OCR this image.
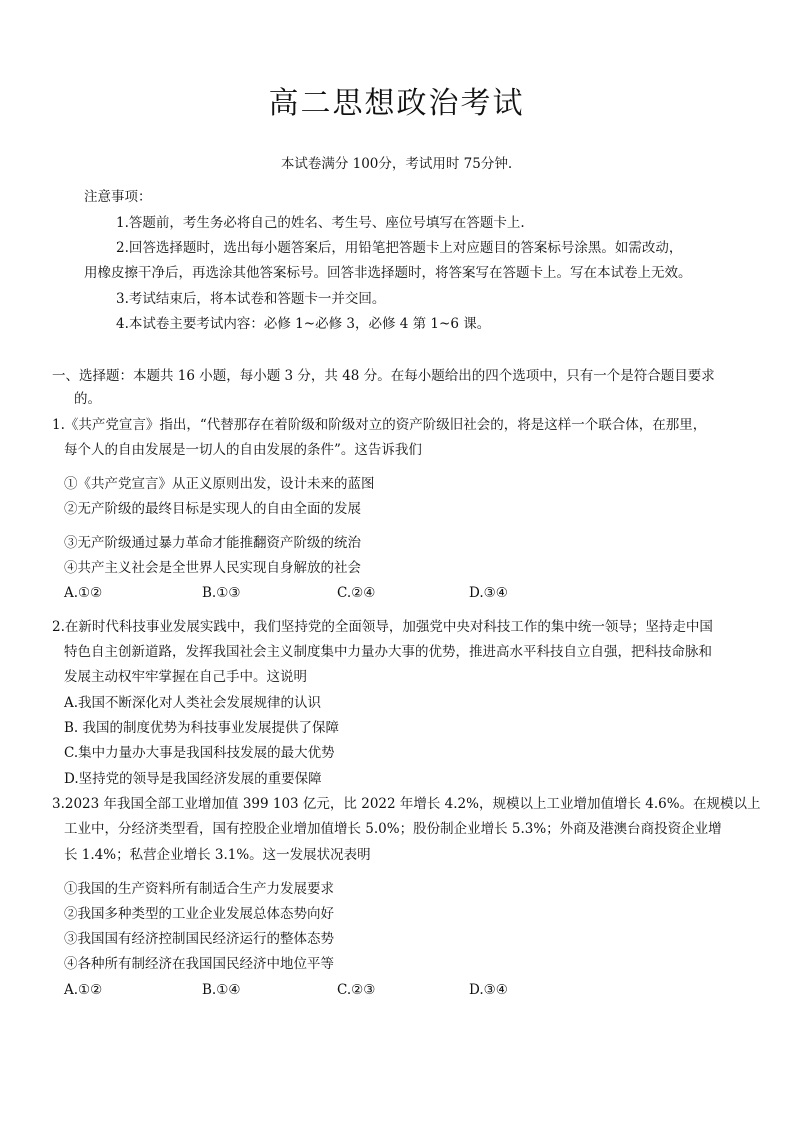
高二思想政治考试
本试卷满分 100分，考试用时 75分钟.
注意事项：
1.答题前，考生务必将自己的姓名、考生号、座位号填写在答题卡上.
2.回答选择题时，选出每小题答案后，用铅笔把答题卡上对应题目的答案标号涂黑。如需改动，
用橡皮擦干净后，再选涂其他答案标号。回答非选择题时，将答案写在答题卡上。写在本试卷上无效。
3.考试结束后，将本试卷和答题卡一并交回。
4.本试卷主要考试内容：必修 1~必修 3，必修 4 第 1~6 课。
一、选择题：本题共 16 小题，每小题 3 分，共 48 分。在每小题给出的四个选项中，只有一个是符合题目要求
的。
1.《共产党宣言》指出，“代替那存在着阶级和阶级对立的资产阶级旧社会的，将是这样一个联合体，在那里，
每个人的自由发展是一切人的自由发展的条件”。这告诉我们
①《共产党宣言》从正义原则出发，设计未来的蓝图
②无产阶级的最终目标是实现人的自由全面的发展
③无产阶级通过暴力革命才能推翻资产阶级的统治
④共产主义社会是全世界人民实现自身解放的社会
A.①②	B.①③	C.②④	D.③④
2.在新时代科技事业发展实践中，我们坚持党的全面领导，加强党中央对科技工作的集中统一领导；坚持走中国
特色自主创新道路，发挥我国社会主义制度集中力量办大事的优势，推进高水平科技自立自强，把科技命脉和
发展主动权牢牢掌握在自己手中。这说明
A.我国不断深化对人类社会发展规律的认识
B. 我国的制度优势为科技事业发展提供了保障
C.集中力量办大事是我国科技发展的最大优势
D.坚持党的领导是我国经济发展的重要保障
3.2023 年我国全部工业增加值 399 103 亿元，比 2022 年增长 4.2%，规模以上工业增加值增长 4.6%。在规模以上
工业中，分经济类型看，国有控股企业增加值增长 5.0%；股份制企业增长 5.3%；外商及港澳台商投资企业增
长 1.4%；私营企业增长 3.1%。这一发展状况表明
①我国的生产资料所有制适合生产力发展要求
②我国多种类型的工业企业发展总体态势向好
③我国国有经济控制国民经济运行的整体态势
④各种所有制经济在我国国民经济中地位平等
A.①②	B.①④	C.②③	D.③④
